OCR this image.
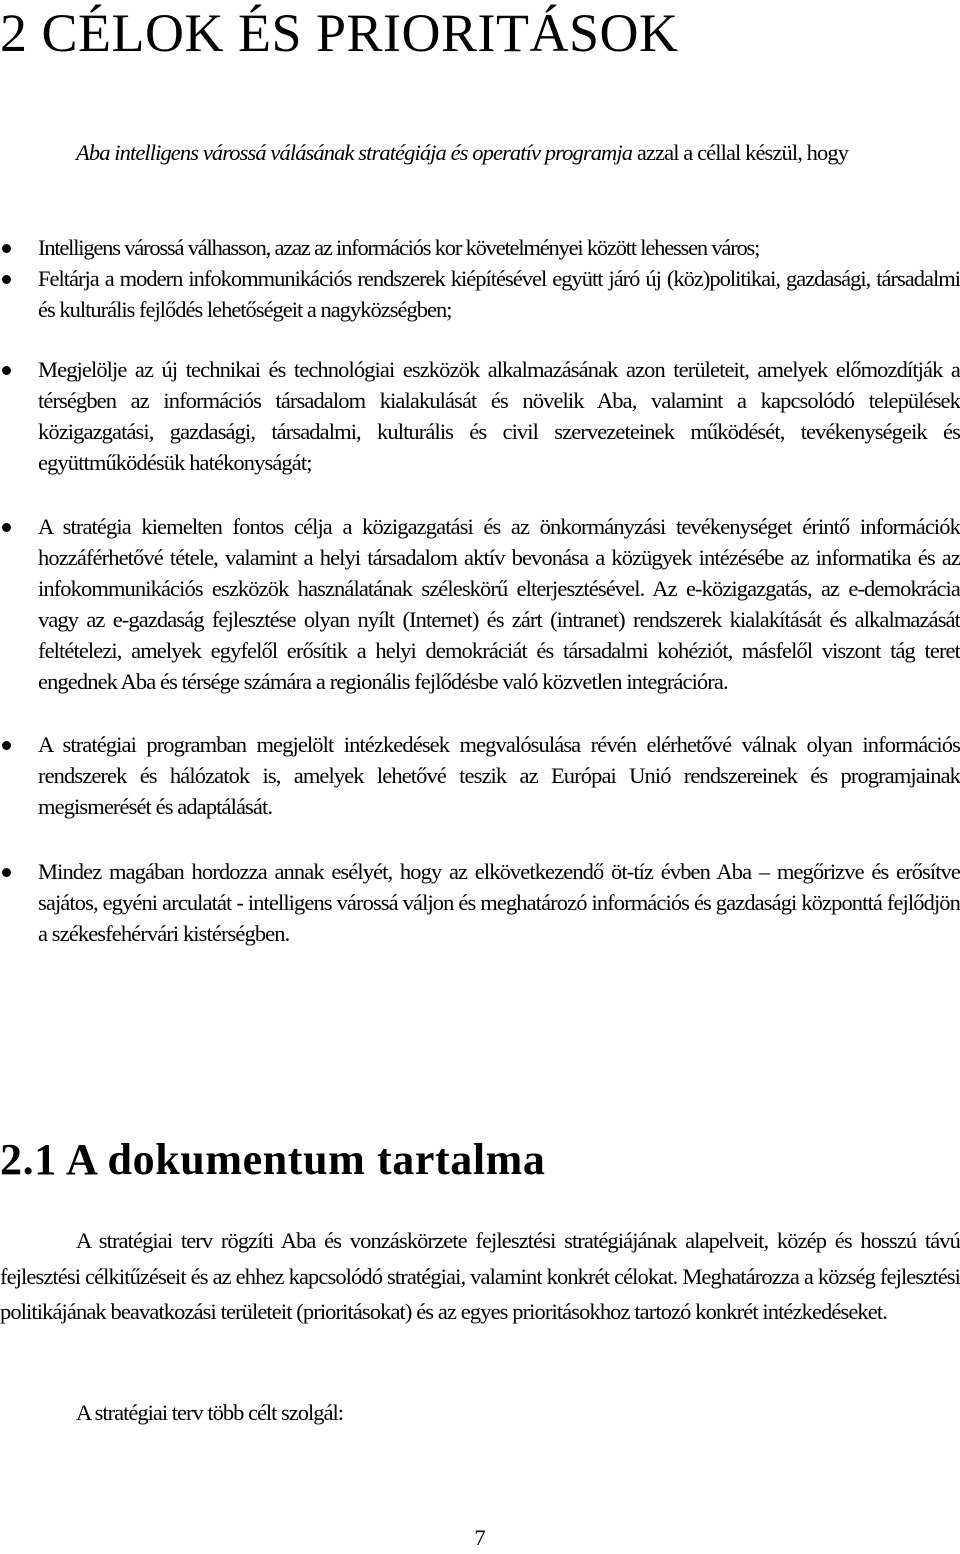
2 CÉLOK ÉS PRIORITÁSOK

Aba intelligens várossá válásának stratégiája és operatív programja azzal a céllal készül, hogy

Intelligens várossá válhasson, azaz az információs kor követelményei között lehessen város;
Feltárja a modern infokommunikációs rendszerek kiépítésével együtt járó új (köz)politikai, gazdasági, társadalmi és kulturális fejlődés lehetőségeit a nagyközségben;
Megjelölje az új technikai és technológiai eszközök alkalmazásának azon területeit, amelyek előmozdítják a térségben az információs társadalom kialakulását és növelik Aba, valamint a kapcsolódó települések közigazgatási, gazdasági, társadalmi, kulturális és civil szervezeteinek működését, tevékenységeik és együttműködésük hatékonyságát;
A stratégia kiemelten fontos célja a közigazgatási és az önkormányzási tevékenységet érintő információk hozzáférhetővé tétele, valamint a helyi társadalom aktív bevonása a közügyek intézésébe az informatika és az infokommunikációs eszközök használatának széleskörű elterjesztésével. Az e-közigazgatás, az e-demokrácia vagy az e-gazdaság fejlesztése olyan nyílt (Internet) és zárt (intranet) rendszerek kialakítását és alkalmazását feltételezi, amelyek egyfelől erősítik a helyi demokráciát és társadalmi kohéziót, másfelől viszont tág teret engednek Aba és térsége számára a regionális fejlődésbe való közvetlen integrációra.
A stratégiai programban megjelölt intézkedések megvalósulása révén elérhetővé válnak olyan információs rendszerek és hálózatok is, amelyek lehetővé teszik az Európai Unió rendszereinek és programjainak megismerését és adaptálását.
Mindez magában hordozza annak esélyét, hogy az elkövetkezendő öt-tíz évben Aba – megőrizve és erősítve sajátos, egyéni arculatát - intelligens várossá váljon és meghatározó információs és gazdasági központtá fejlődjön a székesfehérvári kistérségben.
2.1 A dokumentum tartalma

A stratégiai terv rögzíti Aba és vonzáskörzete fejlesztési stratégiájának alapelveit, közép és hosszú távú fejlesztési célkitűzéseit és az ehhez kapcsolódó stratégiai, valamint konkrét célokat. Meghatározza a község fejlesztési politikájának beavatkozási területeit (prioritásokat) és az egyes prioritásokhoz tartozó konkrét intézkedéseket.

A stratégiai terv több célt szolgál:

7
